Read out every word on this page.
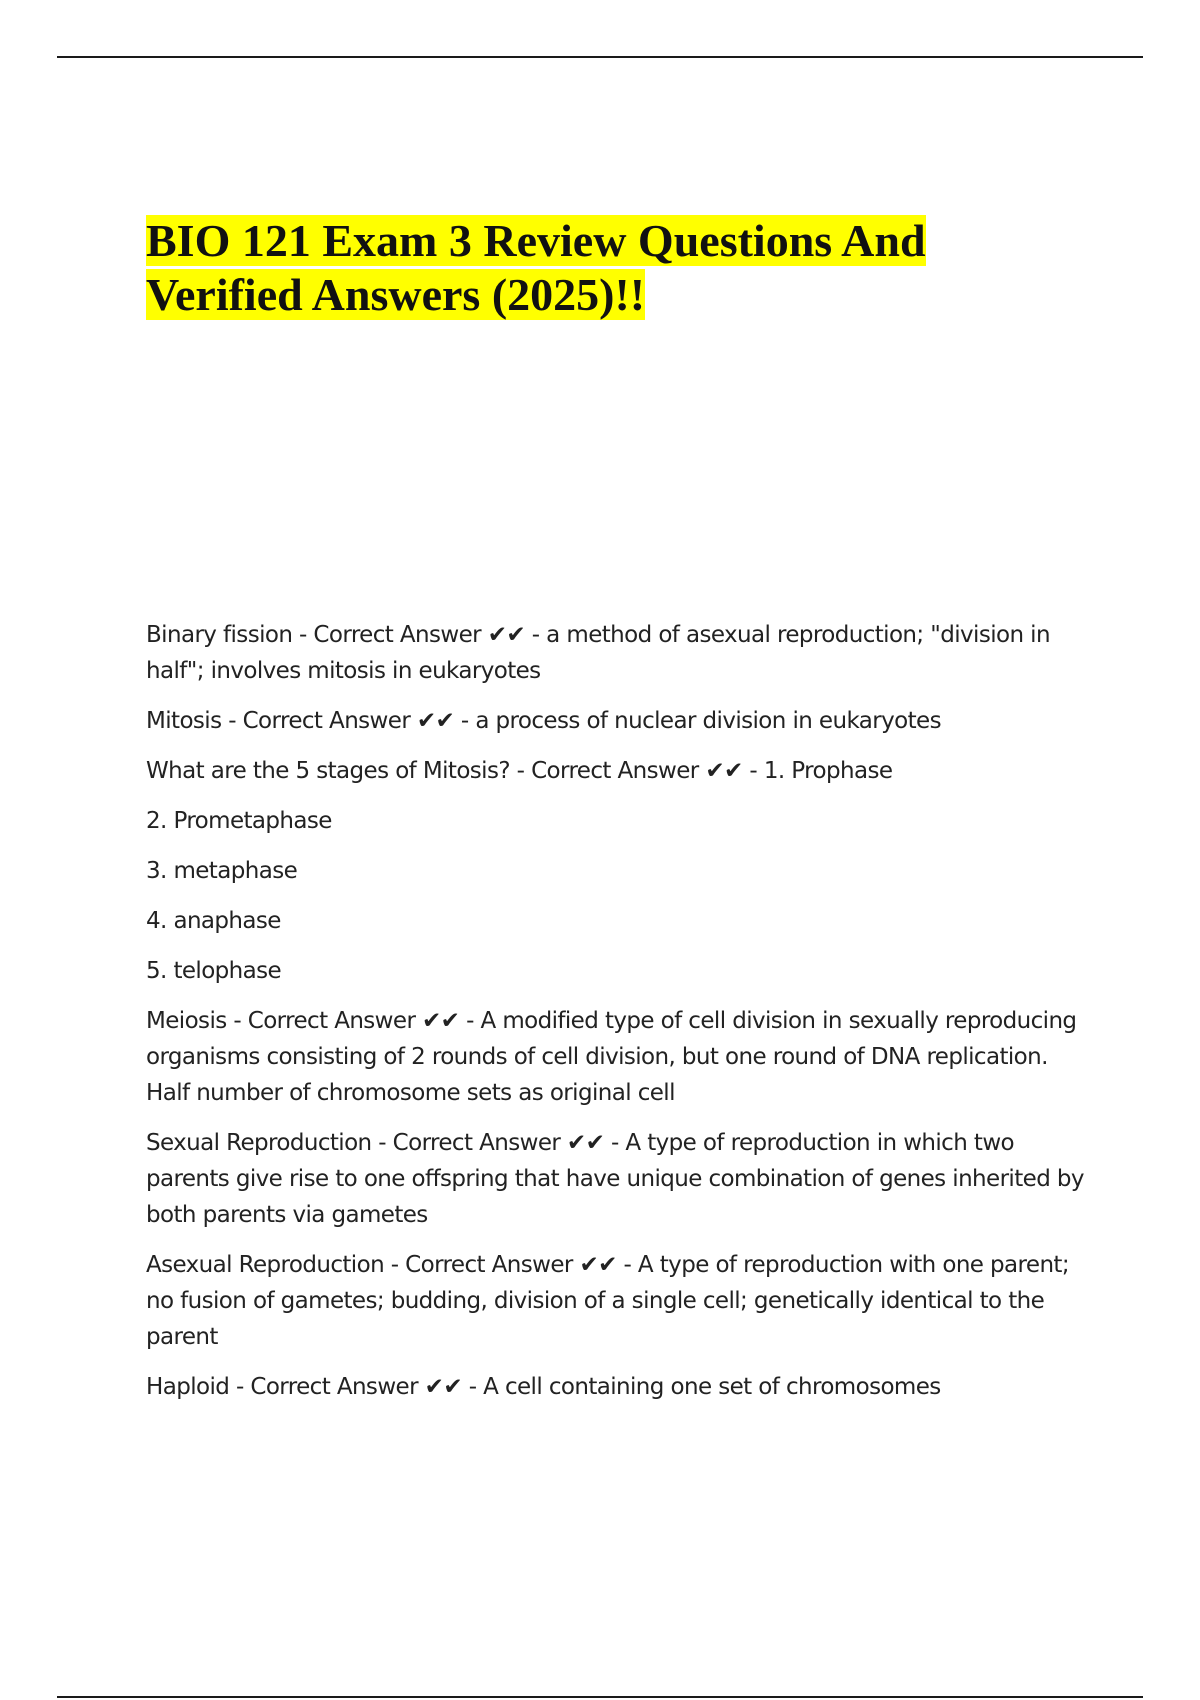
BIO 121 Exam 3 Review Questions And
Verified Answers (2025)!!
Binary fission - Correct Answer ✔✔ - a method of asexual reproduction; "division in half"; involves mitosis in eukaryotes
Mitosis - Correct Answer ✔✔ - a process of nuclear division in eukaryotes
What are the 5 stages of Mitosis? - Correct Answer ✔✔ - 1. Prophase
2. Prometaphase
3. metaphase
4. anaphase
5. telophase
Meiosis - Correct Answer ✔✔ - A modified type of cell division in sexually reproducing organisms consisting of 2 rounds of cell division, but one round of DNA replication. Half number of chromosome sets as original cell
Sexual Reproduction - Correct Answer ✔✔ - A type of reproduction in which two parents give rise to one offspring that have unique combination of genes inherited by both parents via gametes
Asexual Reproduction - Correct Answer ✔✔ - A type of reproduction with one parent; no fusion of gametes; budding, division of a single cell; genetically identical to the parent
Haploid - Correct Answer ✔✔ - A cell containing one set of chromosomes
